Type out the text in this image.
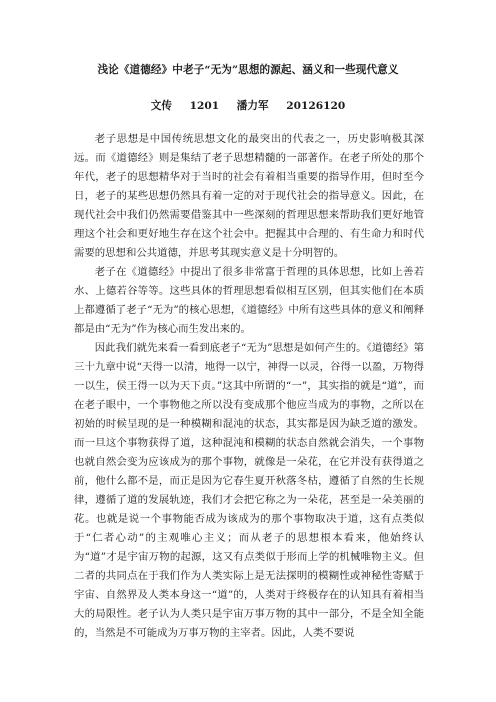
浅论《道德经》中老子“无为”思想的源起、涵义和一些现代意义
文传 1201 潘力军 20126120

老子思想是中国传统思想文化的最突出的代表之一，历史影响极其深远。而《道德经》则是集结了老子思想精髓的一部著作。在老子所处的那个年代，老子的思想精华对于当时的社会有着相当重要的指导作用，但时至今日，老子的某些思想仍然具有着一定的对于现代社会的指导意义。因此，在现代社会中我们仍然需要借鉴其中一些深刻的哲理思想来帮助我们更好地管理这个社会和更好地生存在这个社会中。把握其中合理的、有生命力和时代需要的思想和公共道德，并思考其现实意义是十分明智的。

老子在《道德经》中提出了很多非常富于哲理的具体思想，比如上善若水、上德若谷等等。这些具体的哲理思想看似相互区别，但其实他们在本质上都遵循了老子“无为”的核心思想，《道德经》中所有这些具体的意义和阐释都是由“无为”作为核心而生发出来的。

因此我们就先来看一看到底老子“无为”思想是如何产生的。《道德经》第三十九章中说“天得一以清，地得一以宁，神得一以灵，谷得一以盈，万物得一以生，侯王得一以为天下贞。”这其中所谓的“一”，其实指的就是“道”，而在老子眼中，一个事物他之所以没有变成那个他应当成为的事物，之所以在初始的时候呈现的是一种模糊和混沌的状态，其实都是因为缺乏道的激发。而一旦这个事物获得了道，这种混沌和模糊的状态自然就会消失，一个事物也就自然会变为应该成为的那个事物，就像是一朵花，在它并没有获得道之前，他什么都不是，而正是因为它春生夏开秋落冬枯，遵循了自然的生长规律，遵循了道的发展轨迹，我们才会把它称之为一朵花，甚至是一朵美丽的花。也就是说一个事物能否成为该成为的那个事物取决于道，这有点类似于“仁者心动”的主观唯心主义；而从老子的思想根本看来，他始终认为“道”才是宇宙万物的起源，这又有点类似于形而上学的机械唯物主义。但二者的共同点在于我们作为人类实际上是无法探明的模糊性或神秘性寄赋于宇宙、自然界及人类本身这一“道”的，人类对于终极存在的认知具有着相当大的局限性。老子认为人类只是宇宙万事万物的其中一部分，不是全知全能的，当然是不可能成为万事万物的主宰者。因此，人类不要说
